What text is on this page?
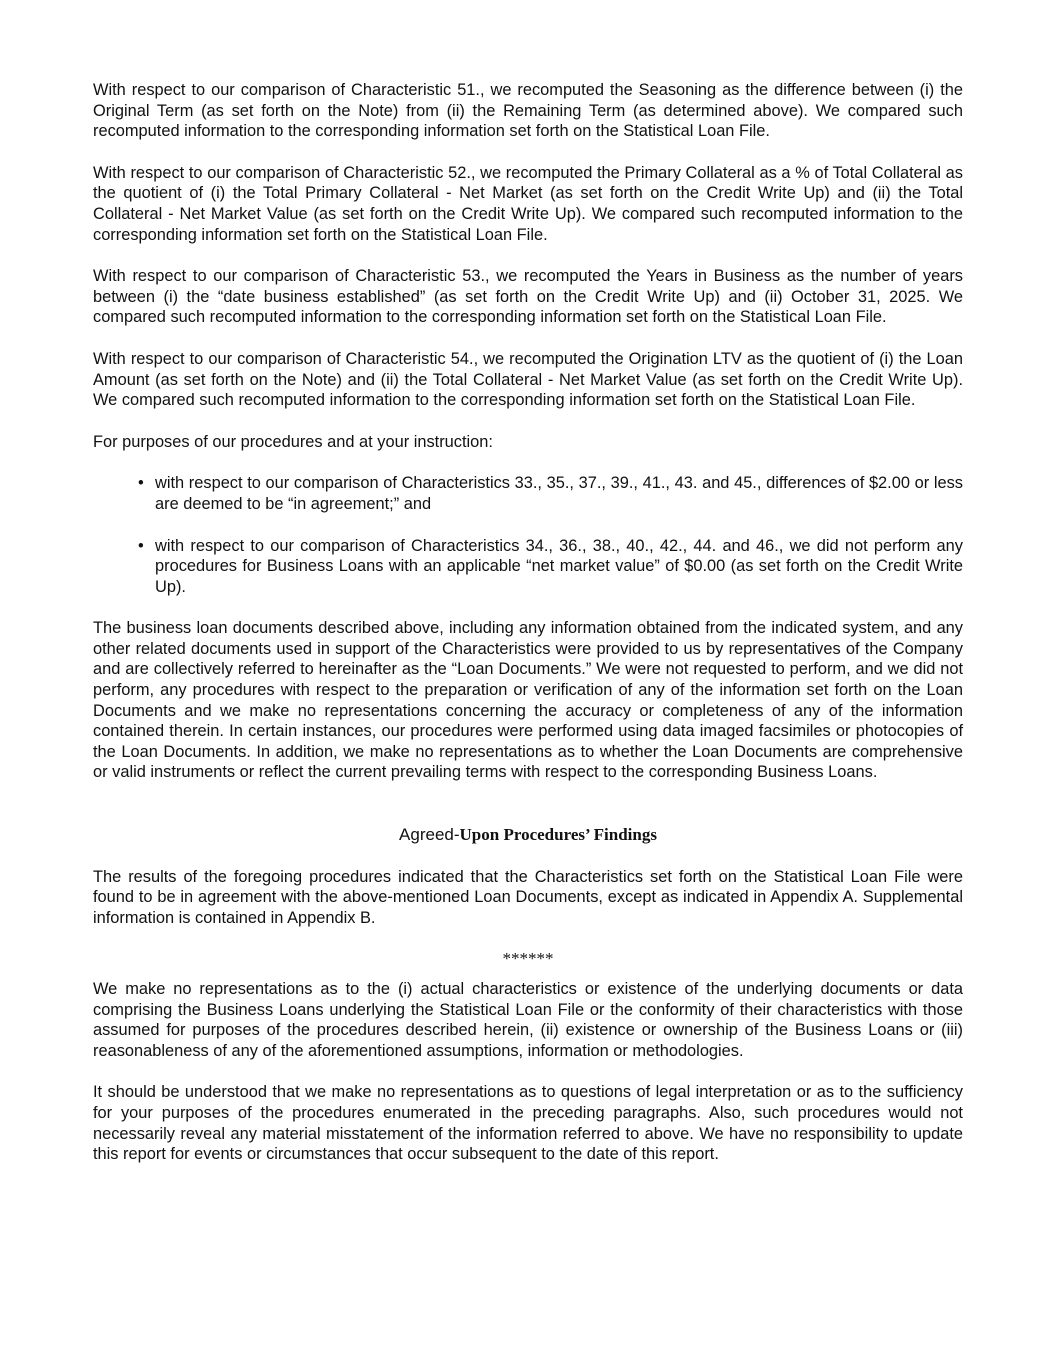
With respect to our comparison of Characteristic 51., we recomputed the Seasoning as the difference between (i) the Original Term (as set forth on the Note) from (ii) the Remaining Term (as determined above). We compared such recomputed information to the corresponding information set forth on the Statistical Loan File.

With respect to our comparison of Characteristic 52., we recomputed the Primary Collateral as a % of Total Collateral as the quotient of (i) the Total Primary Collateral - Net Market (as set forth on the Credit Write Up) and (ii) the Total Collateral - Net Market Value (as set forth on the Credit Write Up). We compared such recomputed information to the corresponding information set forth on the Statistical Loan File.

With respect to our comparison of Characteristic 53., we recomputed the Years in Business as the number of years between (i) the “date business established” (as set forth on the Credit Write Up) and (ii) October 31, 2025. We compared such recomputed information to the corresponding information set forth on the Statistical Loan File.

With respect to our comparison of Characteristic 54., we recomputed the Origination LTV as the quotient of (i) the Loan Amount (as set forth on the Note) and (ii) the Total Collateral - Net Market Value (as set forth on the Credit Write Up). We compared such recomputed information to the corresponding information set forth on the Statistical Loan File.

For purposes of our procedures and at your instruction:

• with respect to our comparison of Characteristics 33., 35., 37., 39., 41., 43. and 45., differences of $2.00 or less are deemed to be “in agreement;” and
• with respect to our comparison of Characteristics 34., 36., 38., 40., 42., 44. and 46., we did not perform any procedures for Business Loans with an applicable “net market value” of $0.00 (as set forth on the Credit Write Up).

The business loan documents described above, including any information obtained from the indicated system, and any other related documents used in support of the Characteristics were provided to us by representatives of the Company and are collectively referred to hereinafter as the “Loan Documents.” We were not requested to perform, and we did not perform, any procedures with respect to the preparation or verification of any of the information set forth on the Loan Documents and we make no representations concerning the accuracy or completeness of any of the information contained therein. In certain instances, our procedures were performed using data imaged facsimiles or photocopies of the Loan Documents. In addition, we make no representations as to whether the Loan Documents are comprehensive or valid instruments or reflect the current prevailing terms with respect to the corresponding Business Loans.

Agreed-Upon Procedures’ Findings

The results of the foregoing procedures indicated that the Characteristics set forth on the Statistical Loan File were found to be in agreement with the above-mentioned Loan Documents, except as indicated in Appendix A. Supplemental information is contained in Appendix B.

******

We make no representations as to the (i) actual characteristics or existence of the underlying documents or data comprising the Business Loans underlying the Statistical Loan File or the conformity of their characteristics with those assumed for purposes of the procedures described herein, (ii) existence or ownership of the Business Loans or (iii) reasonableness of any of the aforementioned assumptions, information or methodologies.

It should be understood that we make no representations as to questions of legal interpretation or as to the sufficiency for your purposes of the procedures enumerated in the preceding paragraphs. Also, such procedures would not necessarily reveal any material misstatement of the information referred to above. We have no responsibility to update this report for events or circumstances that occur subsequent to the date of this report.
